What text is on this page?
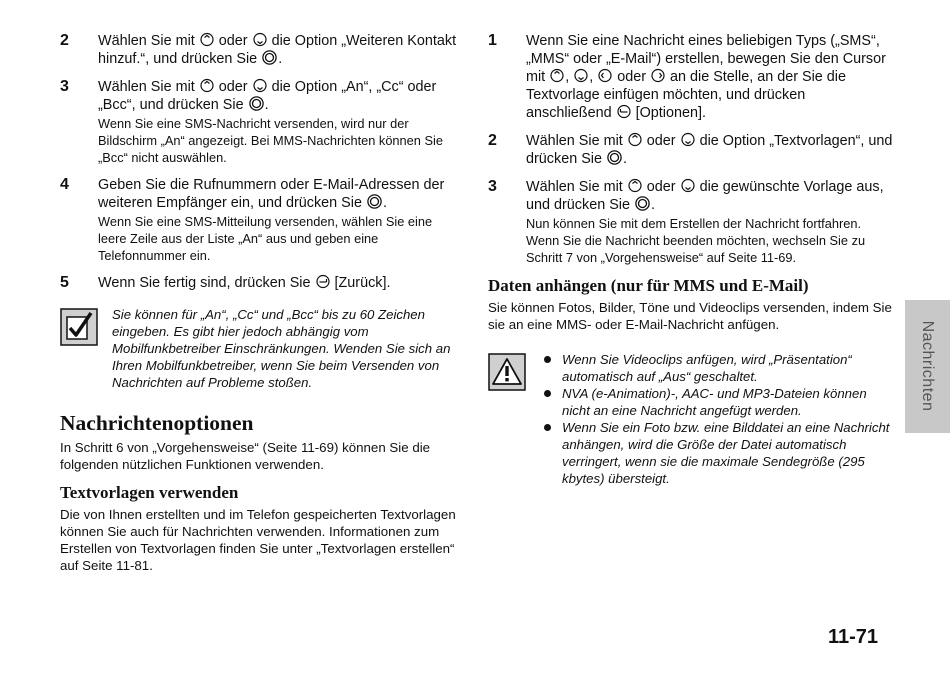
2 Wählen Sie mit oder die Option „Weiteren Kontakt hinzuf.“, und drücken Sie .
3 Wählen Sie mit oder die Option „An“, „Cc“ oder „Bcc“, und drücken Sie .
Wenn Sie eine SMS-Nachricht versenden, wird nur der Bildschirm „An“ angezeigt. Bei MMS-Nachrichten können Sie „Bcc“ nicht auswählen.
4 Geben Sie die Rufnummern oder E-Mail-Adressen der weiteren Empfänger ein, und drücken Sie .
Wenn Sie eine SMS-Mitteilung versenden, wählen Sie eine leere Zeile aus der Liste „An“ aus und geben eine Telefonnummer ein.
5 Wenn Sie fertig sind, drücken Sie [Zurück].
Sie können für „An“, „Cc“ und „Bcc“ bis zu 60 Zeichen eingeben. Es gibt hier jedoch abhängig vom Mobilfunkbetreiber Einschränkungen. Wenden Sie sich an Ihren Mobilfunkbetreiber, wenn Sie beim Versenden von Nachrichten auf Probleme stoßen.
Nachrichtenoptionen

In Schritt 6 von „Vorgehensweise“ (Seite 11-69) können Sie die folgenden nützlichen Funktionen verwenden.

Textvorlagen verwenden

Die von Ihnen erstellten und im Telefon gespeicherten Textvorlagen können Sie auch für Nachrichten verwenden. Informationen zum Erstellen von Textvorlagen finden Sie unter „Textvorlagen erstellen“ auf Seite 11-81.

1 Wenn Sie eine Nachricht eines beliebigen Typs („SMS“, „MMS“ oder „E-Mail“) erstellen, bewegen Sie den Cursor mit , , oder an die Stelle, an der Sie die Textvorlage einfügen möchten, und drücken anschließend [Optionen].
2 Wählen Sie mit oder die Option „Textvorlagen“, und drücken Sie .
3 Wählen Sie mit oder die gewünschte Vorlage aus, und drücken Sie .
Nun können Sie mit dem Erstellen der Nachricht fortfahren. Wenn Sie die Nachricht beenden möchten, wechseln Sie zu Schritt 7 von „Vorgehensweise“ auf Seite 11-69.
Daten anhängen (nur für MMS und E-Mail)

Sie können Fotos, Bilder, Töne und Videoclips versenden, indem Sie sie an eine MMS- oder E-Mail-Nachricht anfügen.

Wenn Sie Videoclips anfügen, wird „Präsentation“ automatisch auf „Aus“ geschaltet.
NVA (e-Animation)-, AAC- und MP3-Dateien können nicht an eine Nachricht angefügt werden.
Wenn Sie ein Foto bzw. eine Bilddatei an eine Nachricht anhängen, wird die Größe der Datei automatisch verringert, wenn sie die maximale Sendegröße (295 kbytes) übersteigt.
Nachrichten
11-71
